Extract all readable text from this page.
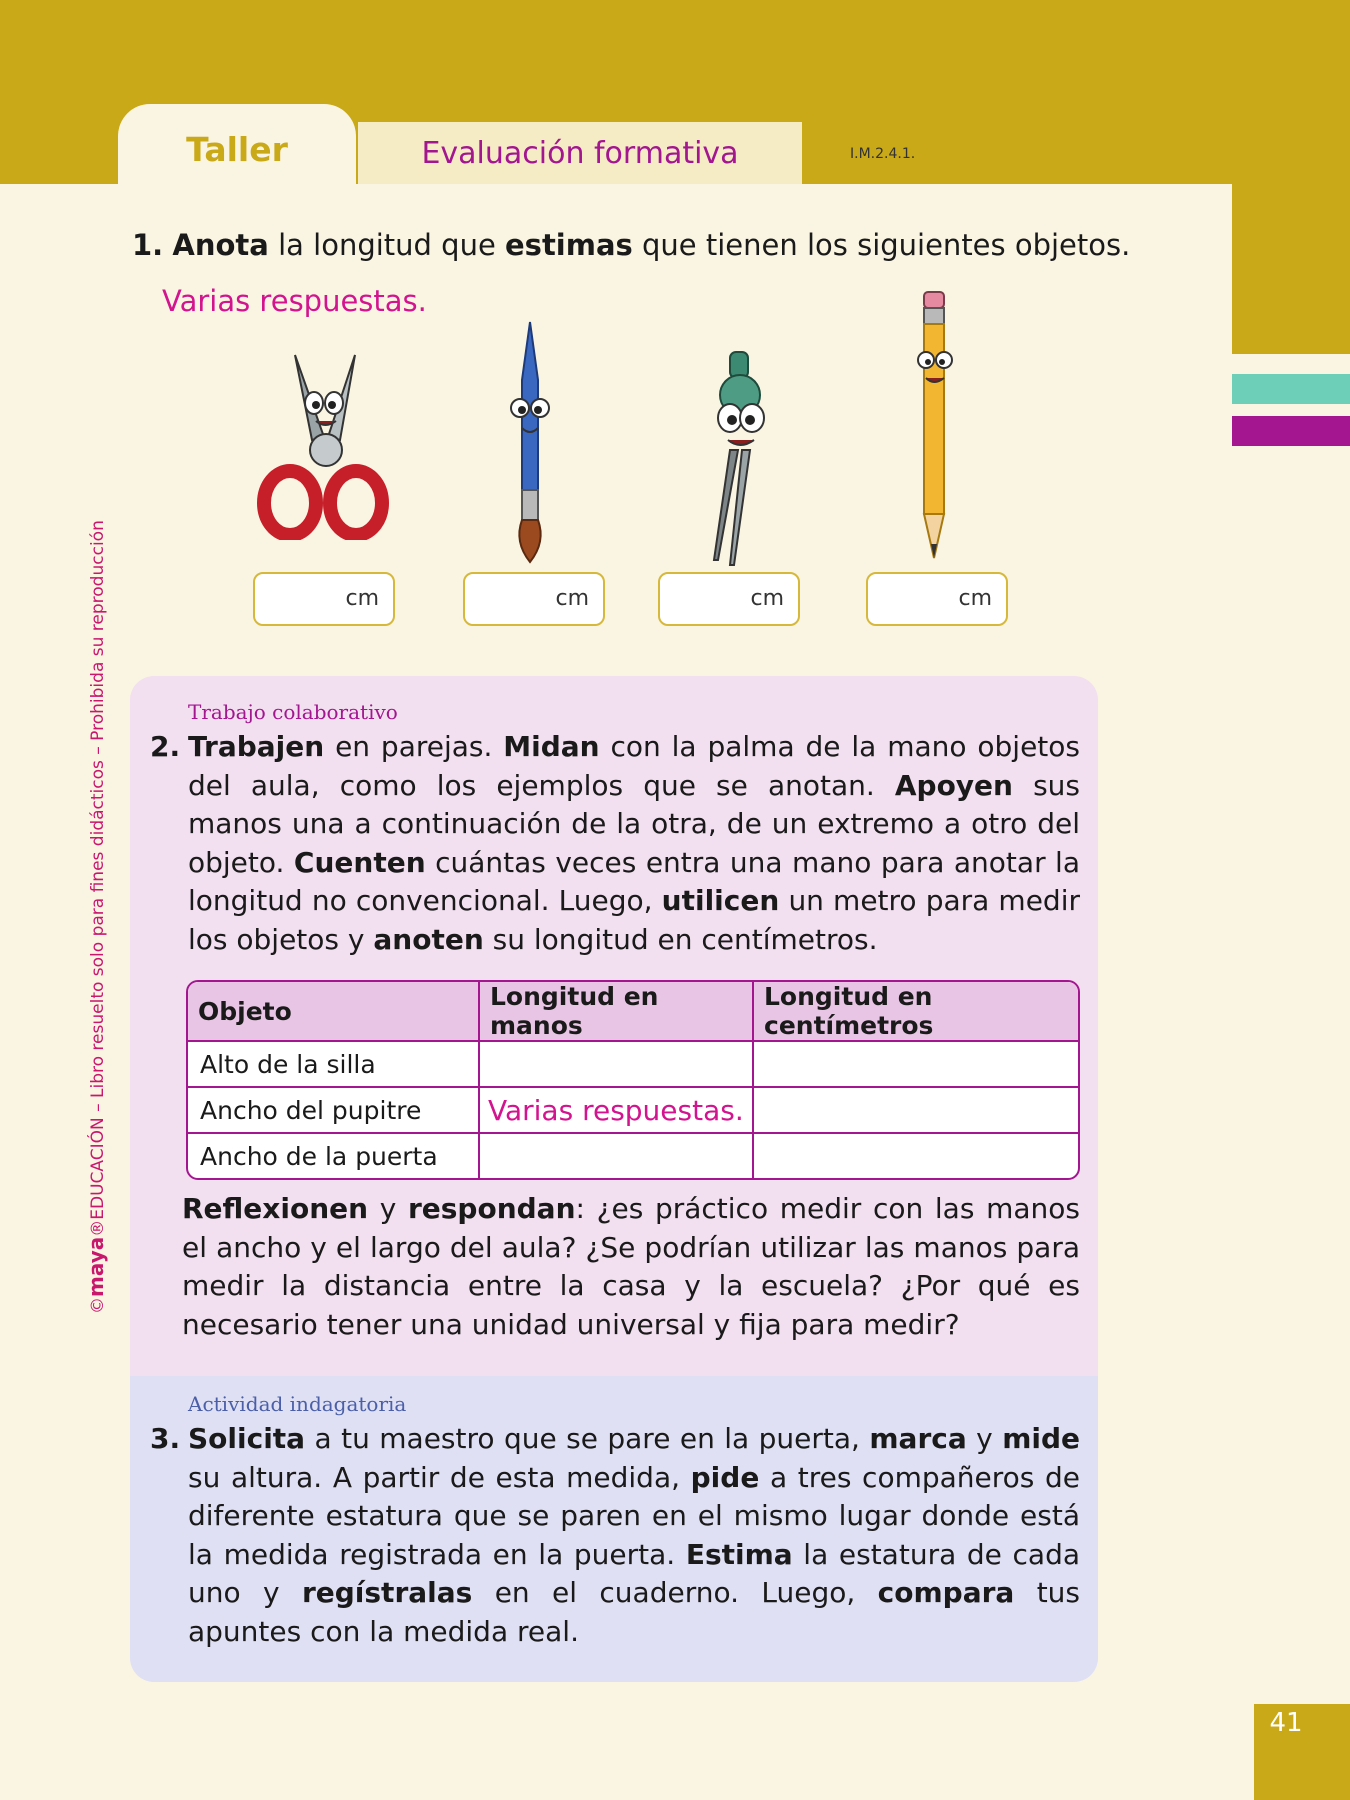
Taller	Evaluación formativa	I.M.2.4.1.
©maya®EDUCACIÓN – Libro resuelto solo para fines didácticos – Prohibida su reproducción
1. Anota la longitud que estimas que tienen los siguientes objetos.
Varias respuestas.
cm	cm	cm	cm
Trabajo colaborativo
2. Trabajen en parejas. Midan con la palma de la mano objetos del aula, como los ejemplos que se anotan. Apoyen sus manos una a continuación de la otra, de un extremo a otro del objeto. Cuenten cuántas veces entra una mano para anotar la longitud no convencional. Luego, utilicen un metro para medir los objetos y anoten su longitud en centímetros.
Objeto	Longitud en manos	Longitud en centímetros
Alto de la silla		
Ancho del pupitre	Varias respuestas.	
Ancho de la puerta		
Reflexionen y respondan: ¿es práctico medir con las manos el ancho y el largo del aula? ¿Se podrían utilizar las manos para medir la distancia entre la casa y la escuela? ¿Por qué es necesario tener una unidad universal y fija para medir?
Actividad indagatoria
3. Solicita a tu maestro que se pare en la puerta, marca y mide su altura. A partir de esta medida, pide a tres compañeros de diferente estatura que se paren en el mismo lugar donde está la medida registrada en la puerta. Estima la estatura de cada uno y regístralas en el cuaderno. Luego, compara tus apuntes con la medida real.
41
